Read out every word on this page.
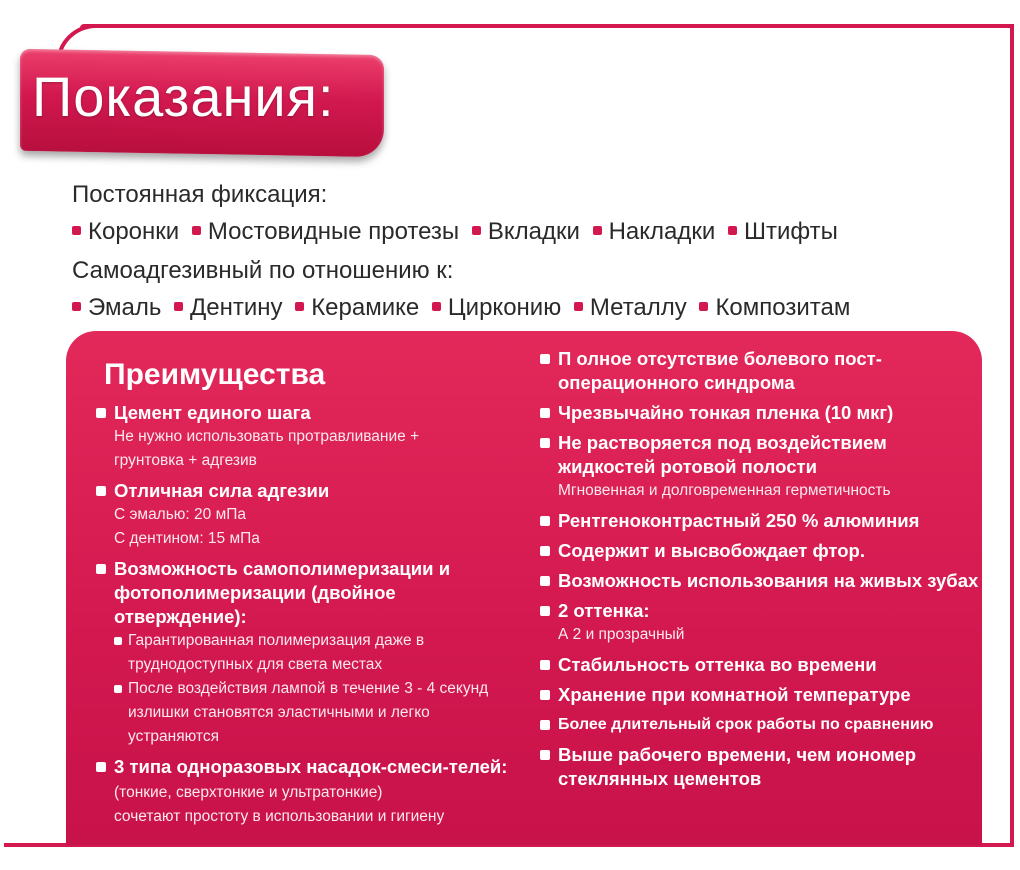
Показания:
Постоянная фиксация:
Коронки Мостовидные протезы Вкладки Накладки Штифты
Самоадгезивный по отношению к:
Эмаль Дентину Керамике Цирконию Металлу Композитам
Преимущества
Цемент единого шага
Не нужно использовать протравливание +
грунтовка + адгезив
Отличная сила адгезии
С эмалью: 20 мПа
С дентином: 15 мПа
Возможность самополимеризации и фотополимеризации (двойное отверждение):
Гарантированная полимеризация даже в труднодоступных для света местах
После воздействия лампой в течение 3 - 4 секунд излишки становятся эластичными и легко устраняются
3 типа одноразовых насадок-смеси-телей: (тонкие, сверхтонкие и ультратонкие)
сочетают простоту в использовании и гигиену
П олное отсутствие болевого пост-операционного синдрома
Чрезвычайно тонкая пленка (10 мкг)
Не растворяется под воздействием жидкостей ротовой полости
Мгновенная и долговременная герметичность
Рентгеноконтрастный 250 % алюминия
Содержит и высвобождает фтор.
Возможность использования на живых зубах
2 оттенка:
А 2 и прозрачный
Стабильность оттенка во времени
Хранение при комнатной температуре
Более длительный срок работы по сравнению
Выше рабочего времени, чем иономер стеклянных цементов
